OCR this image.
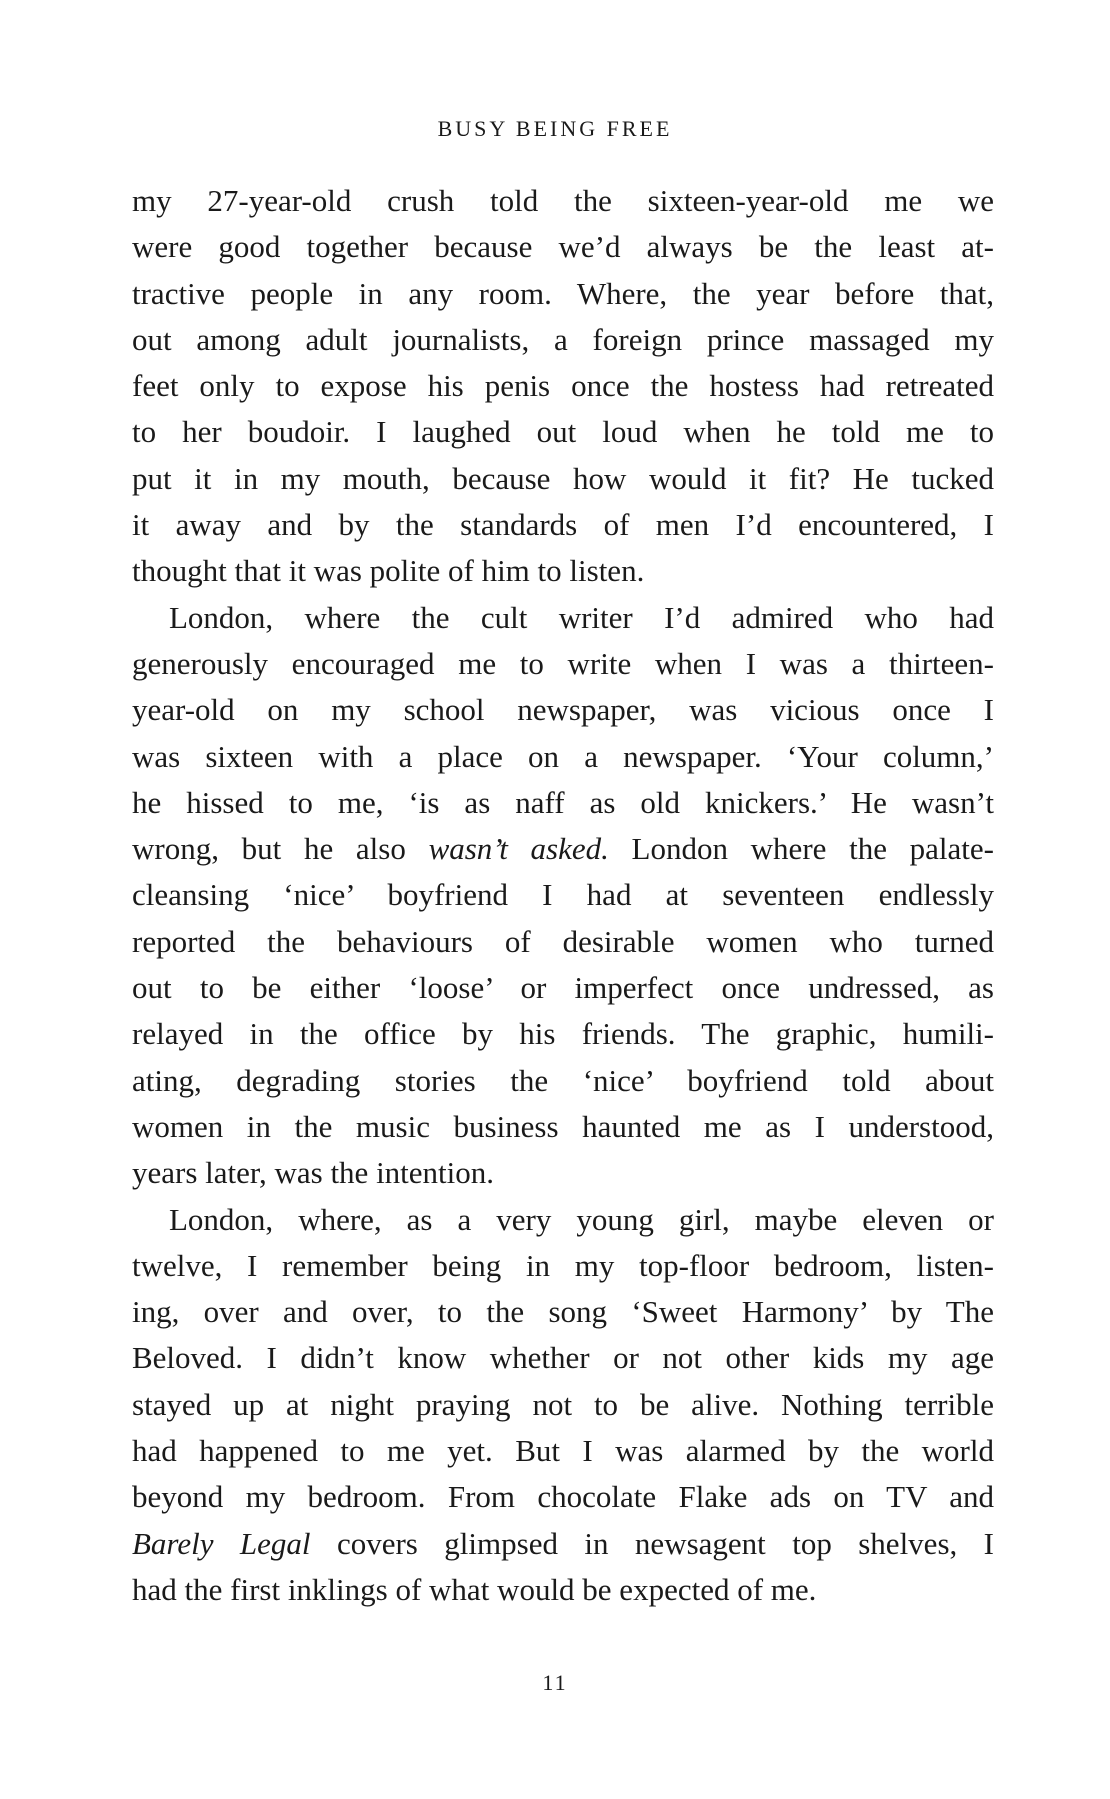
BUSY BEING FREE
my 27-year-old crush told the sixteen-year-old me we
were good together because we’d always be the least at-
tractive people in any room. Where, the year before that,
out among adult journalists, a foreign prince massaged my
feet only to expose his penis once the hostess had retreated
to her boudoir. I laughed out loud when he told me to
put it in my mouth, because how would it fit? He tucked
it away and by the standards of men I’d encountered, I
thought that it was polite of him to listen.
London, where the cult writer I’d admired who had
generously encouraged me to write when I was a thirteen-
year-old on my school newspaper, was vicious once I
was sixteen with a place on a newspaper. ‘Your column,’
he hissed to me, ‘is as naff as old knickers.’ He wasn’t
wrong, but he also wasn’t asked. London where the palate-
cleansing ‘nice’ boyfriend I had at seventeen endlessly
reported the behaviours of desirable women who turned
out to be either ‘loose’ or imperfect once undressed, as
relayed in the office by his friends. The graphic, humili-
ating, degrading stories the ‘nice’ boyfriend told about
women in the music business haunted me as I understood,
years later, was the intention.
London, where, as a very young girl, maybe eleven or
twelve, I remember being in my top-floor bedroom, listen-
ing, over and over, to the song ‘Sweet Harmony’ by The
Beloved. I didn’t know whether or not other kids my age
stayed up at night praying not to be alive. Nothing terrible
had happened to me yet. But I was alarmed by the world
beyond my bedroom. From chocolate Flake ads on TV and
Barely Legal covers glimpsed in newsagent top shelves, I
had the first inklings of what would be expected of me.
11
